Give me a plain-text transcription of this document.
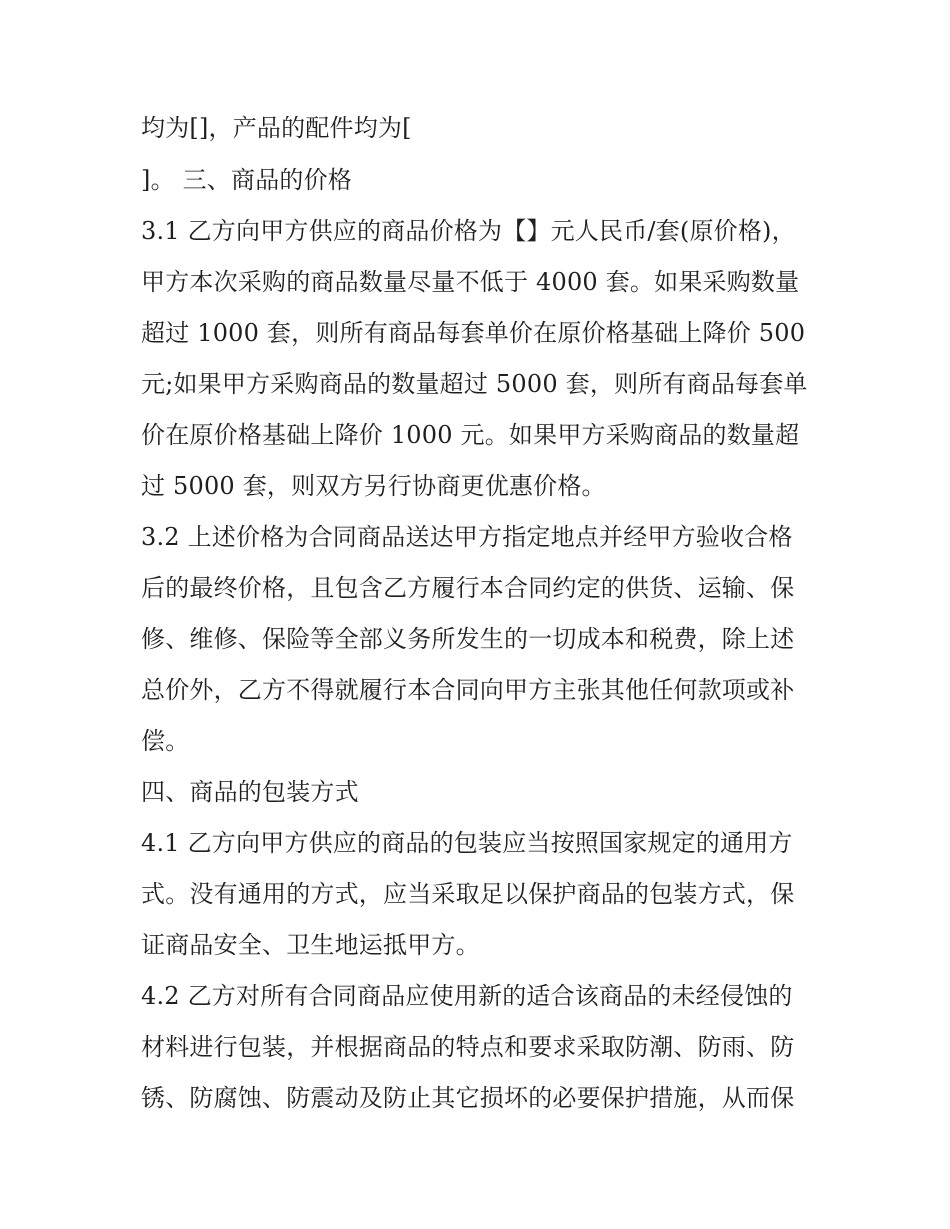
均为[]，产品的配件均为[
]。 三、商品的价格
3.1 乙方向甲方供应的商品价格为【】元人民币/套(原价格)，
甲方本次采购的商品数量尽量不低于 4000 套。如果采购数量
超过 1000 套，则所有商品每套单价在原价格基础上降价 500
元;如果甲方采购商品的数量超过 5000 套，则所有商品每套单
价在原价格基础上降价 1000 元。如果甲方采购商品的数量超
过 5000 套，则双方另行协商更优惠价格。
3.2 上述价格为合同商品送达甲方指定地点并经甲方验收合格
后的最终价格，且包含乙方履行本合同约定的供货、运输、保
修、维修、保险等全部义务所发生的一切成本和税费，除上述
总价外，乙方不得就履行本合同向甲方主张其他任何款项或补
偿。
四、商品的包装方式
4.1 乙方向甲方供应的商品的包装应当按照国家规定的通用方
式。没有通用的方式，应当采取足以保护商品的包装方式，保
证商品安全、卫生地运抵甲方。
4.2 乙方对所有合同商品应使用新的适合该商品的未经侵蚀的
材料进行包装，并根据商品的特点和要求采取防潮、防雨、防
锈、防腐蚀、防震动及防止其它损坏的必要保护措施，从而保
